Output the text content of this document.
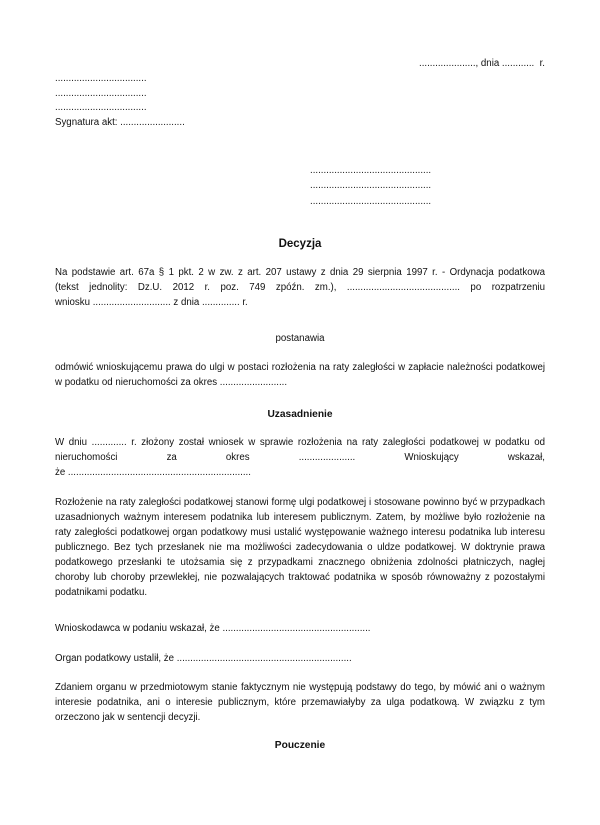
....................., dnia ............  r.
..................................
..................................
..................................
Sygnatura akt: ........................
.............................................
.............................................
.............................................
Decyzja
Na podstawie art. 67a § 1 pkt. 2 w zw. z art. 207 ustawy z dnia 29 sierpnia 1997 r. - Ordynacja podatkowa
(tekst jednolity: Dz.U. 2012 r. poz. 749 zpóźn. zm.), .......................................... po rozpatrzeniu
wniosku ............................. z dnia .............. r.
postanawia
odmówić wnioskującemu prawa do ulgi w postaci rozłożenia na raty zaległości w zapłacie należności podatkowej
w podatku od nieruchomości za okres .........................
Uzasadnienie
W dniu ............. r. złożony został wniosek w sprawie rozłożenia na raty zaległości podatkowej w podatku od
nieruchomości za okres ..................... Wnioskujący wskazał,
że ....................................................................
Rozłożenie na raty zaległości podatkowej stanowi formę ulgi podatkowej i stosowane powinno być w przypadkach
uzasadnionych ważnym interesem podatnika lub interesem publicznym. Zatem, by możliwe było rozłożenie na
raty zaległości podatkowej organ podatkowy musi ustalić występowanie ważnego interesu podatnika lub interesu
publicznego. Bez tych przesłanek nie ma możliwości zadecydowania o uldze podatkowej. W doktrynie prawa
podatkowego przesłanki te utożsamia się z przypadkami znacznego obniżenia zdolności płatniczych, nagłej
choroby lub choroby przewlekłej, nie pozwalających traktować podatnika w sposób równoważny z pozostałymi
podatnikami podatku.
Wnioskodawca w podaniu wskazał, że .......................................................
Organ podatkowy ustalił, że .................................................................
Zdaniem organu w przedmiotowym stanie faktycznym nie występują podstawy do tego, by mówić ani o ważnym
interesie podatnika, ani o interesie publicznym, które przemawiałyby za ulga podatkową. W związku z tym
orzeczono jak w sentencji decyzji.
Pouczenie
